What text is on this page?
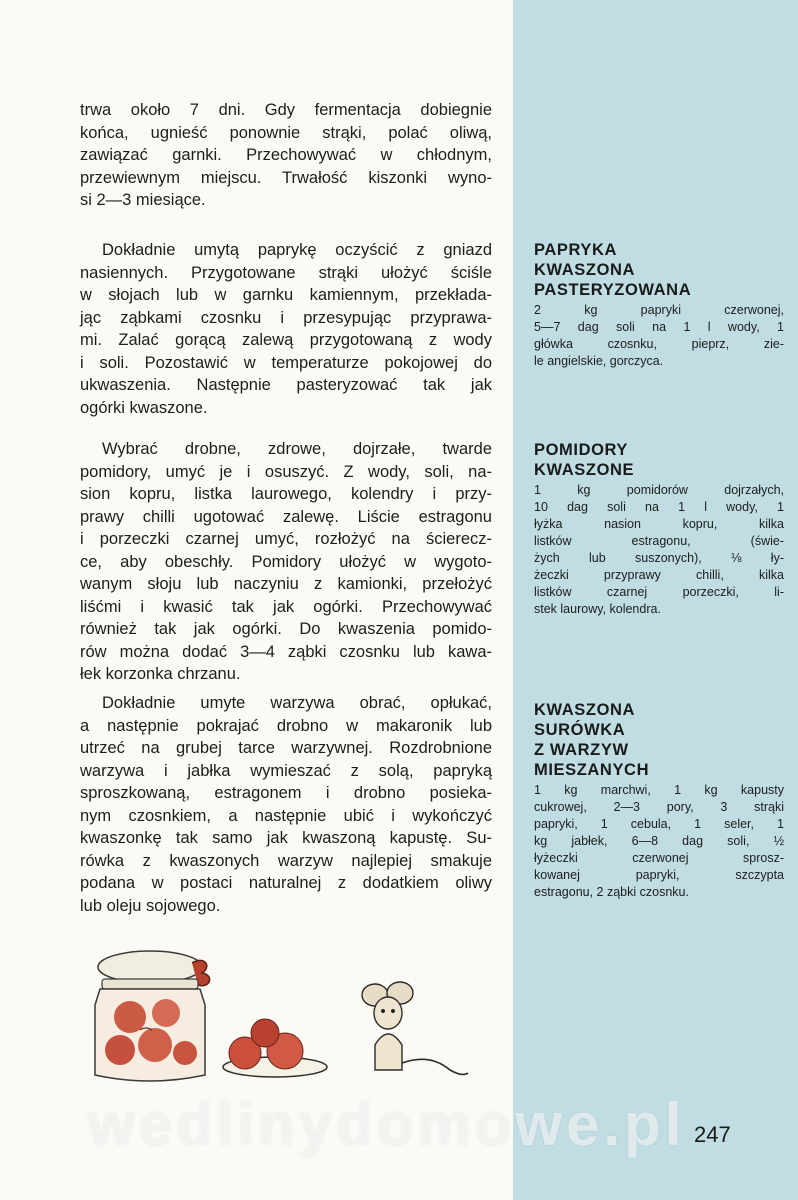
trwa około 7 dni. Gdy fermentacja dobiegnie
końca, ugnieść ponownie strąki, polać oliwą,
zawiązać garnki. Przechowywać w chłodnym,
przewiewnym miejscu. Trwałość kiszonki wyno-
si 2—3 miesiące.

Dokładnie umytą paprykę oczyścić z gniazd
nasiennych. Przygotowane strąki ułożyć ściśle
w słojach lub w garnku kamiennym, przekłada-
jąc ząbkami czosnku i przesypując przyprawa-
mi. Zalać gorącą zalewą przygotowaną z wody
i soli. Pozostawić w temperaturze pokojowej do
ukwaszenia. Następnie pasteryzować tak jak
ogórki kwaszone.

Wybrać drobne, zdrowe, dojrzałe, twarde
pomidory, umyć je i osuszyć. Z wody, soli, na-
sion kopru, listka laurowego, kolendry i przy-
prawy chilli ugotować zalewę. Liście estragonu
i porzeczki czarnej umyć, rozłożyć na ścierecz-
ce, aby obeschły. Pomidory ułożyć w wygoto-
wanym słoju lub naczyniu z kamionki, przełożyć
liśćmi i kwasić tak jak ogórki. Przechowywać
również tak jak ogórki. Do kwaszenia pomido-
rów można dodać 3—4 ząbki czosnku lub kawa-
łek korzonka chrzanu.

Dokładnie umyte warzywa obrać, opłukać,
a następnie pokrajać drobno w makaronik lub
utrzeć na grubej tarce warzywnej. Rozdrobnione
warzywa i jabłka wymieszać z solą, papryką
sproszkowaną, estragonem i drobno posieka-
nym czosnkiem, a następnie ubić i wykończyć
kwaszonkę tak samo jak kwaszoną kapustę. Su-
rówka z kwaszonych warzyw najlepiej smakuje
podana w postaci naturalnej z dodatkiem oliwy
lub oleju sojowego.

PAPRYKA
KWASZONA
PASTERYZOWANA
2 kg papryki czerwonej,
5—7 dag soli na 1 l wody, 1
główka czosnku, pieprz, zie-
le angielskie, gorczyca.
POMIDORY
KWASZONE
1 kg pomidorów dojrzałych,
10 dag soli na 1 l wody, 1
łyżka nasion kopru, kilka
listków estragonu, (świe-
żych lub suszonych), ⅛ ły-
żeczki przyprawy chilli, kilka
listków czarnej porzeczki, li-
stek laurowy, kolendra.
KWASZONA
SURÓWKA
Z WARZYW
MIESZANYCH
1 kg marchwi, 1 kg kapusty
cukrowej, 2—3 pory, 3 strąki
papryki, 1 cebula, 1 seler, 1
kg jabłek, 6—8 dag soli, ½
łyżeczki czerwonej sprosz-
kowanej papryki, szczypta
estragonu, 2 ząbki czosnku.
wedlinydomowe.pl 247
